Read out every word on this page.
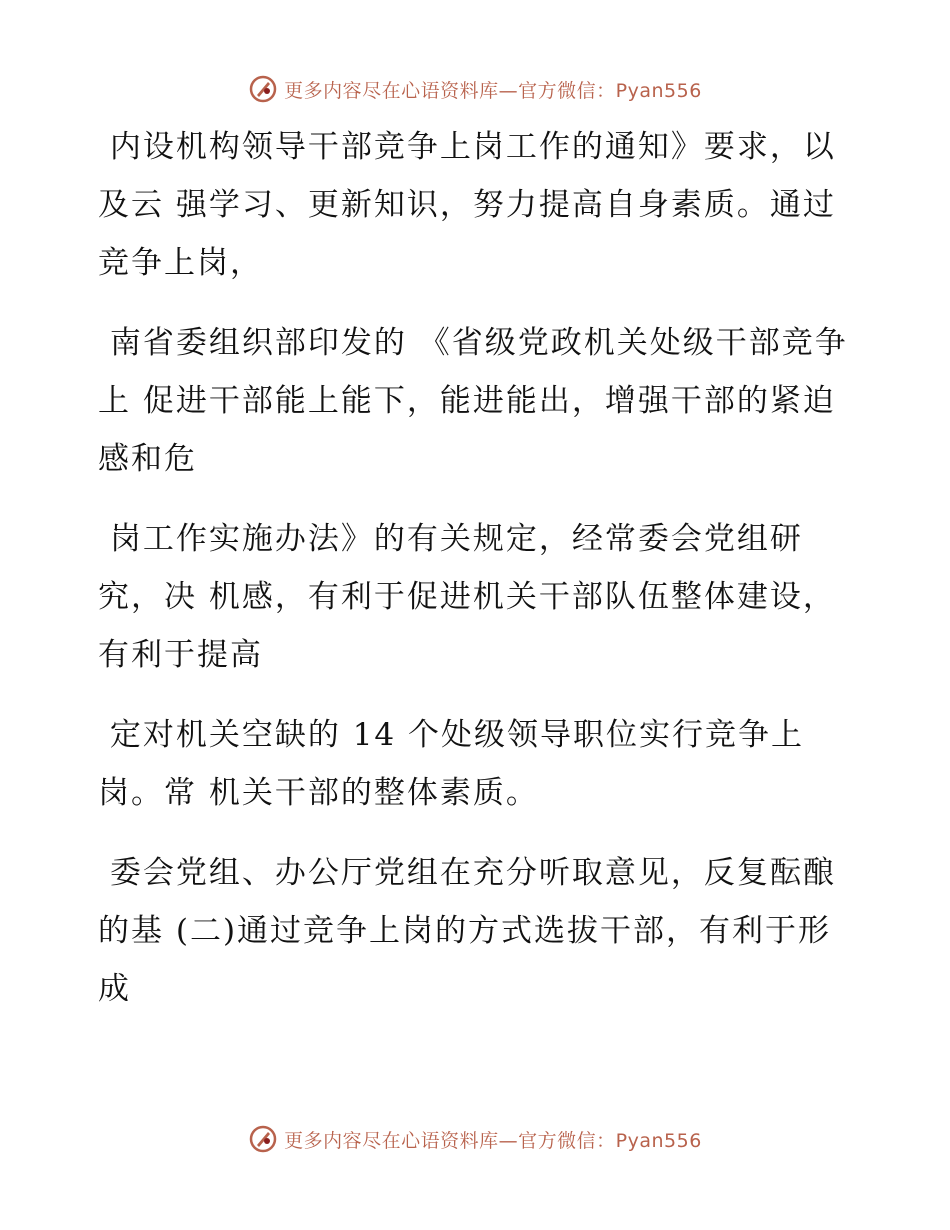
更多内容尽在心语资料库—官方微信：Pyan556

内设机构领导干部竞争上岗工作的通知》要求，以及云 强学习、更新知识，努力提高自身素质。通过竞争上岗，

南省委组织部印发的 《省级党政机关处级干部竞争上 促进干部能上能下，能进能出，增强干部的紧迫感和危

岗工作实施办法》的有关规定，经常委会党组研究，决 机感，有利于促进机关干部队伍整体建设，有利于提高

定对机关空缺的 14 个处级领导职位实行竞争上岗。常 机关干部的整体素质。

委会党组、办公厅党组在充分听取意见，反复酝酿的基 (二)通过竞争上岗的方式选拔干部，有利于形成

更多内容尽在心语资料库—官方微信：Pyan556
